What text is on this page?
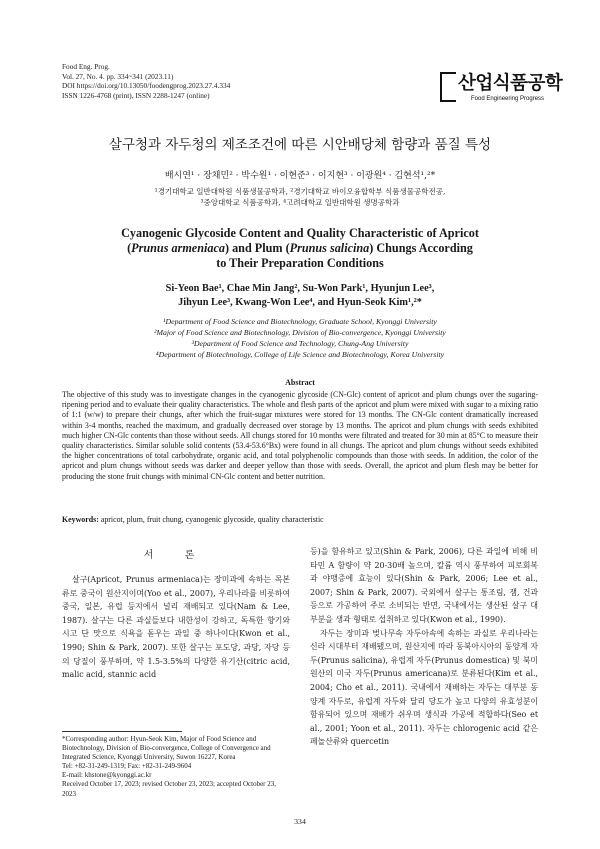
Food Eng. Prog.
Vol. 27, No. 4. pp. 334~341 (2023.11)
DOI https://doi.org/10.13050/foodengprog.2023.27.4.334
ISSN 1226-4768 (print), ISSN 2288-1247 (online)
산업식품공학
Food Engineering Progress
살구청과 자두청의 제조조건에 따른 시안배당체 함량과 품질 특성
배시연¹ · 장채민² · 박수원¹ · 이현준³ · 이지현³ · 이광원⁴ · 김현석¹,²*
¹경기대학교 일반대학원 식품생물공학과, ²경기대학교 바이오융합학부 식품생물공학전공,
³중앙대학교 식품공학과, ⁴고려대학교 일반대학원 생명공학과
Cyanogenic Glycoside Content and Quality Characteristic of Apricot
(Prunus armeniaca) and Plum (Prunus salicina) Chungs According
to Their Preparation Conditions
Si-Yeon Bae¹, Chae Min Jang², Su-Won Park¹, Hyunjun Lee³,
Jihyun Lee³, Kwang-Won Lee⁴, and Hyun-Seok Kim¹,²*
¹Department of Food Science and Biotechnology, Graduate School, Kyonggi University
²Major of Food Science and Biotechnology, Division of Bio-convergence, Kyonggi University
³Department of Food Science and Technology, Chung-Ang University
⁴Department of Biotechnology, College of Life Science and Biotechnology, Korea University
Abstract
The objective of this study was to investigate changes in the cyanogenic glycoside (CN-Glc) content of apricot and plum chungs over the sugaring-ripening period and to evaluate their quality characteristics. The whole and flesh parts of the apricot and plum were mixed with sugar to a mixing ratio of 1:1 (w/w) to prepare their chungs, after which the fruit-sugar mixtures were stored for 13 months. The CN-Glc content dramatically increased within 3-4 months, reached the maximum, and gradually decreased over storage by 13 months. The apricot and plum chungs with seeds exhibited much higher CN-Glc contents than those without seeds. All chungs stored for 10 months were filtrated and treated for 30 min at 85°C to measure their quality characteristics. Similar soluble solid contents (53.4-53.6°Bx) were found in all chungs. The apricot and plum chungs without seeds exhibited the higher concentrations of total carbohydrate, organic acid, and total polyphenolic compounds than those with seeds. In addition, the color of the apricot and plum chungs without seeds was darker and deeper yellow than those with seeds. Overall, the apricot and plum flesh may be better for producing the stone fruit chungs with minimal CN-Glc content and better nutrition.
Keywords: apricot, plum, fruit chung, cyanogenic glycoside, quality characteristic
서 론

살구(Apricot, Prunus armeniaca)는 장미과에 속하는 목본류로 중국이 원산지이며(Yoo et al., 2007), 우리나라를 비롯하여 중국, 일본, 유럽 등지에서 널리 재배되고 있다(Nam & Lee, 1987). 살구는 다른 과실들보다 내한성이 강하고, 독특한 향기와 시고 단 맛으로 식욕을 돋우는 과일 중 하나이다(Kwon et al., 1990; Shin & Park, 2007). 또한 살구는 포도당, 과당, 자당 등의 당질이 풍부하며, 약 1.5-3.5%의 다양한 유기산(citric acid, malic acid, stannic acid

등)을 함유하고 있고(Shin & Park, 2006), 다른 과일에 비해 비타민 A 함량이 약 20-30배 높으며, 칼륨 역시 풍부하여 피로회복과 야맹증에 효능이 있다(Shin & Park, 2006; Lee et al., 2007; Shin & Park, 2007). 국외에서 살구는 통조림, 잼, 건과 등으로 가공하여 주로 소비되는 반면, 국내에서는 생산된 살구 대부분을 생과 형태로 섭취하고 있다(Kwon et al., 1990).

자두는 장미과 벚나무속 자두아속에 속하는 과실로 우리나라는 신라 시대부터 재배됐으며, 원산지에 따라 동북아시아의 동양계 자두(Prunus salicina), 유럽계 자두(Prunus domestica) 및 북미 원산의 미국 자두(Prunus americana)로 분류된다(Kim et al., 2004; Cho et al., 2011). 국내에서 재배하는 자두는 대부분 동양계 자두로, 유럽계 자두와 달리 당도가 높고 다양의 유효성분이 함유되어 있으며 재배가 쉬우며 생식과 가공에 적합하다(Seo et al., 2001; Yoon et al., 2011). 자두는 chlorogenic acid 같은 페놀산류와 quercetin

*Corresponding author: Hyun-Seok Kim, Major of Food Science and Biotechnology, Division of Bio-convergence, College of Convergence and Integrated Science, Kyonggi University, Suwon 16227, Korea
Tel: +82-31-249-1319; Fax: +82-31-249-9604
E-mail: khstone@kyonggi.ac.kr
Received October 17, 2023; revised October 23, 2023; accepted October 23, 2023
334
